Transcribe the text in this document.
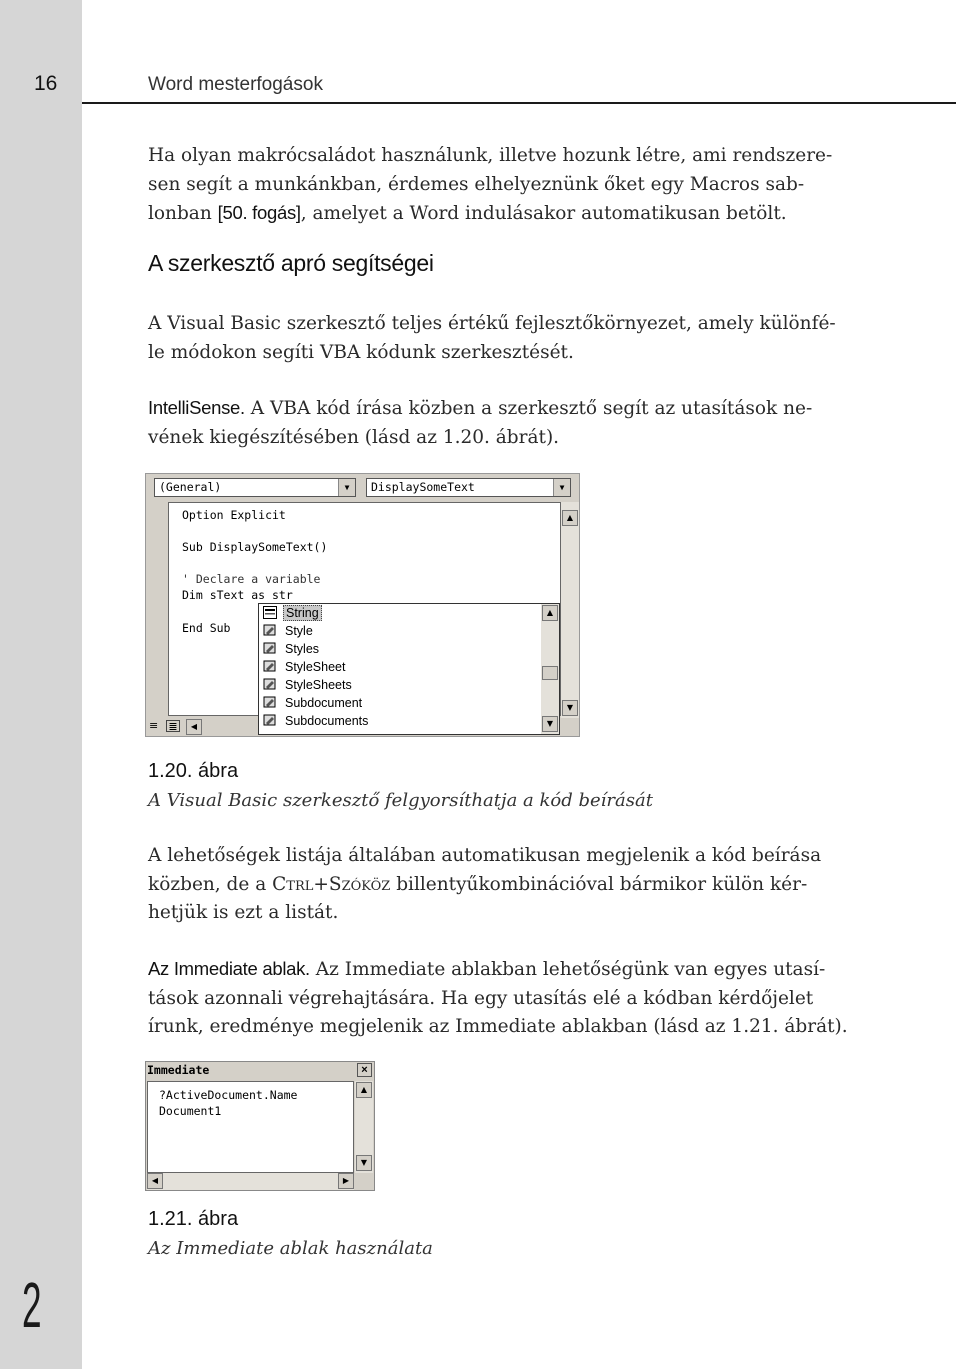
2
16	Word mesterfogások

Ha olyan makrócsaládot használunk, illetve hozunk létre, ami rendszere-
sen segít a munkánkban, érdemes elhelyeznünk őket egy Macros sab-
lonban [50. fogás], amelyet a Word indulásakor automatikusan betölt.

A szerkesztő apró segítségei

A Visual Basic szerkesztő teljes értékű fejlesztőkörnyezet, amely különfé-
le módokon segíti VBA kódunk szerkesztését.

IntelliSense. A VBA kód írása közben a szerkesztő segít az utasítások ne-
vének kiegészítésében (lásd az 1.20. ábrát).

(General)	▼	DisplaySomeText	▼
Option Explicit
Sub DisplaySomeText()
' Declare a variable
Dim sText as str
End Sub
▲
▼
≡ ≣	◀
String
Style
Styles
StyleSheet
StyleSheets
Subdocument
Subdocuments
▲
▼
1.20. ábra
A Visual Basic szerkesztő felgyorsíthatja a kód beírását

A lehetőségek listája általában automatikusan megjelenik a kód beírása
közben, de a Ctrl+Szóköz billentyűkombinációval bármikor külön kér-
hetjük is ezt a listát.

Az Immediate ablak. Az Immediate ablakban lehetőségünk van egyes utasí-
tások azonnali végrehajtására. Ha egy utasítás elé a kódban kérdőjelet
írunk, eredménye megjelenik az Immediate ablakban (lásd az 1.21. ábrát).

Immediate	×
?ActiveDocument.Name
Document1
▲
▼
◀	▶
1.21. ábra
Az Immediate ablak használata
